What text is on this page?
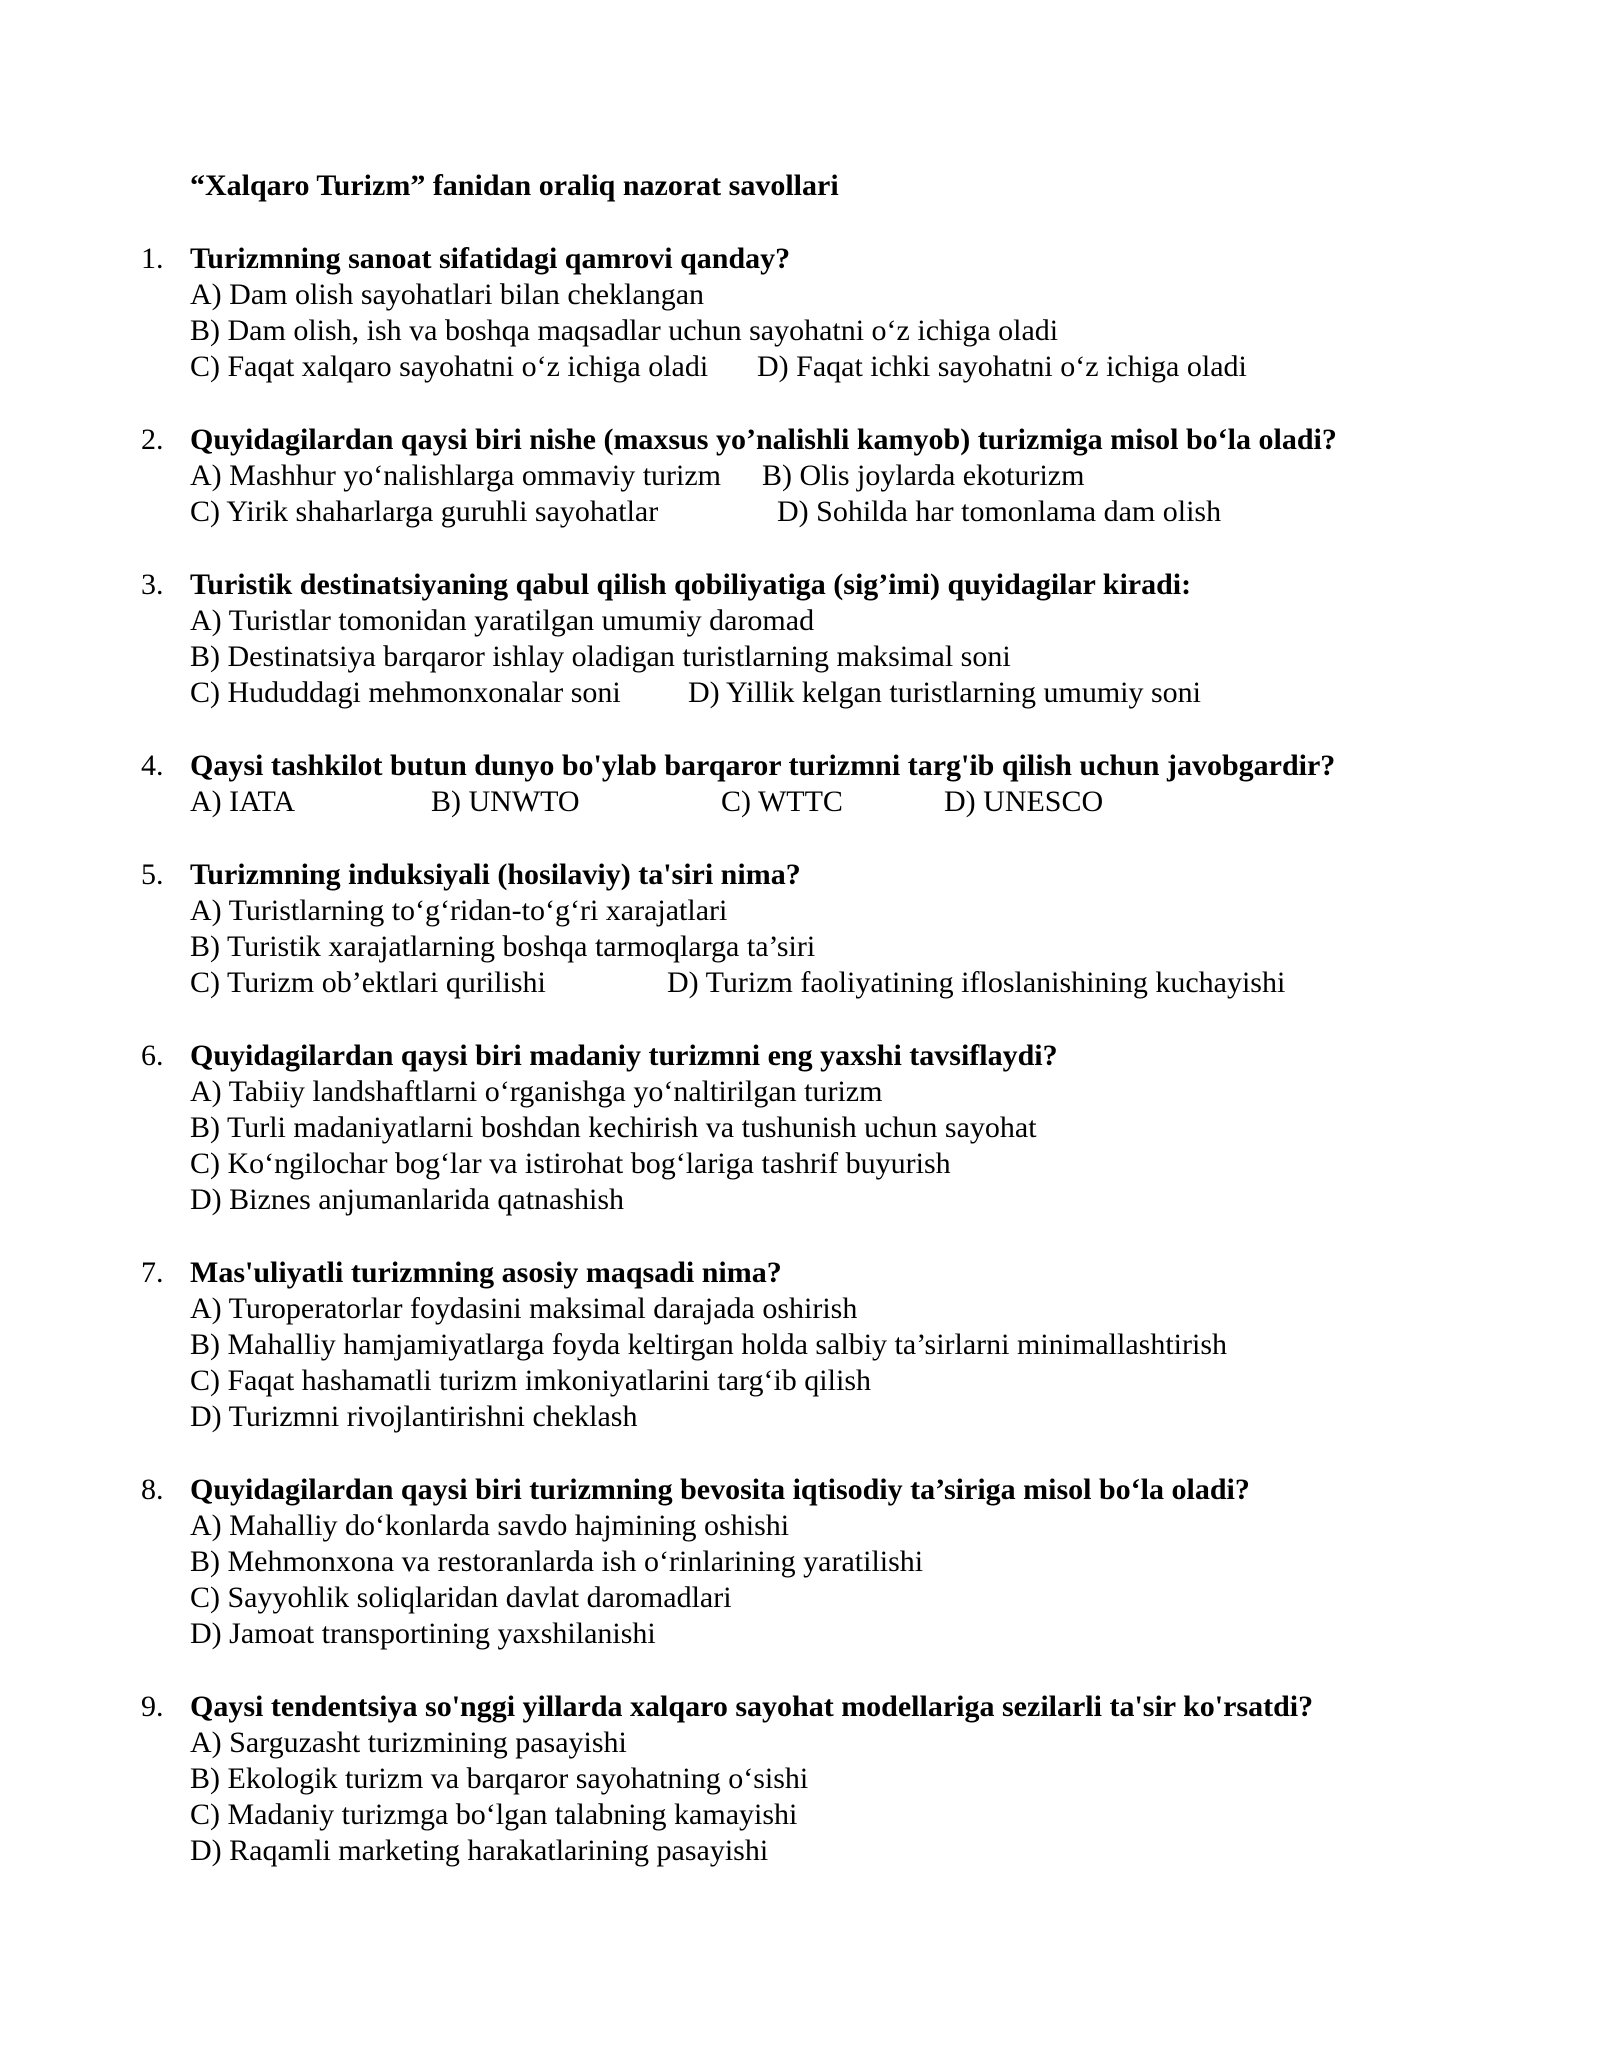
“Xalqaro Turizm” fanidan oraliq nazorat savollari
1. Turizmning sanoat sifatidagi qamrovi qanday?
A) Dam olish sayohatlari bilan cheklangan
B) Dam olish, ish va boshqa maqsadlar uchun sayohatni o‘z ichiga oladi
C) Faqat xalqaro sayohatni o‘z ichiga oladi D) Faqat ichki sayohatni o‘z ichiga oladi
2. Quyidagilardan qaysi biri nishe (maxsus yo’nalishli kamyob) turizmiga misol bo‘la oladi?
A) Mashhur yo‘nalishlarga ommaviy turizm B) Olis joylarda ekoturizm
C) Yirik shaharlarga guruhli sayohatlar	D) Sohilda har tomonlama dam olish
3. Turistik destinatsiyaning qabul qilish qobiliyatiga (sig’imi) quyidagilar kiradi:
A) Turistlar tomonidan yaratilgan umumiy daromad
B) Destinatsiya barqaror ishlay oladigan turistlarning maksimal soni
C) Hududdagi mehmonxonalar soni D) Yillik kelgan turistlarning umumiy soni
4. Qaysi tashkilot butun dunyo bo'ylab barqaror turizmni targ'ib qilish uchun javobgardir?
A) IATA	B) UNWTO	C) WTTC	D) UNESCO
5. Turizmning induksiyali (hosilaviy) ta'siri nima?
A) Turistlarning to‘g‘ridan-to‘g‘ri xarajatlari
B) Turistik xarajatlarning boshqa tarmoqlarga ta’siri
C) Turizm ob’ektlari qurilishi	D) Turizm faoliyatining ifloslanishining kuchayishi
6. Quyidagilardan qaysi biri madaniy turizmni eng yaxshi tavsiflaydi?
A) Tabiiy landshaftlarni o‘rganishga yo‘naltirilgan turizm
B) Turli madaniyatlarni boshdan kechirish va tushunish uchun sayohat
C) Ko‘ngilochar bog‘lar va istirohat bog‘lariga tashrif buyurish
D) Biznes anjumanlarida qatnashish
7. Mas'uliyatli turizmning asosiy maqsadi nima?
A) Turoperatorlar foydasini maksimal darajada oshirish
B) Mahalliy hamjamiyatlarga foyda keltirgan holda salbiy ta’sirlarni minimallashtirish
C) Faqat hashamatli turizm imkoniyatlarini targ‘ib qilish
D) Turizmni rivojlantirishni cheklash
8. Quyidagilardan qaysi biri turizmning bevosita iqtisodiy ta’siriga misol bo‘la oladi?
A) Mahalliy do‘konlarda savdo hajmining oshishi
B) Mehmonxona va restoranlarda ish o‘rinlarining yaratilishi
C) Sayyohlik soliqlaridan davlat daromadlari
D) Jamoat transportining yaxshilanishi
9. Qaysi tendentsiya so'nggi yillarda xalqaro sayohat modellariga sezilarli ta'sir ko'rsatdi?
A) Sarguzasht turizmining pasayishi
B) Ekologik turizm va barqaror sayohatning o‘sishi
C) Madaniy turizmga bo‘lgan talabning kamayishi
D) Raqamli marketing harakatlarining pasayishi
